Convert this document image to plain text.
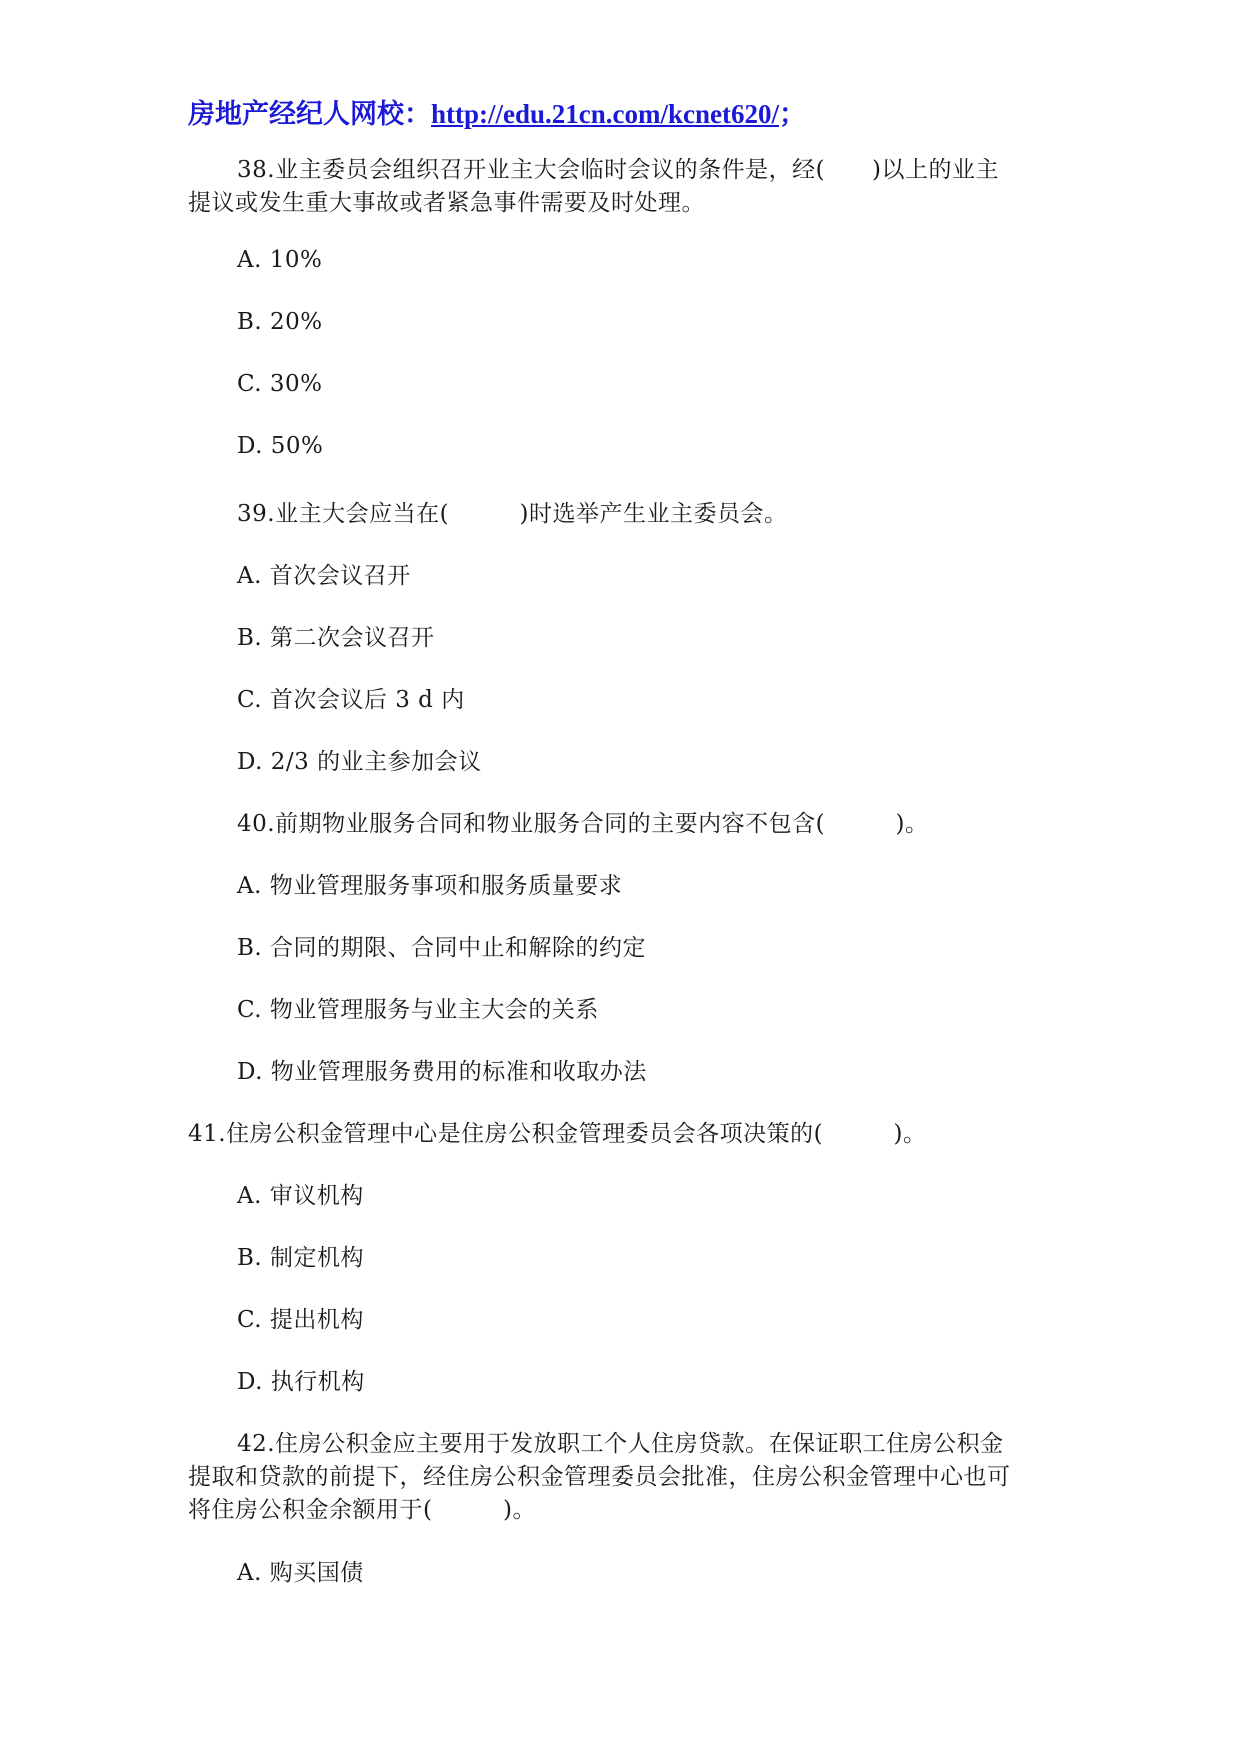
房地产经纪人网校：http://edu.21cn.com/kcnet620/；
38.业主委员会组织召开业主大会临时会议的条件是，经(　　)以上的业主
提议或发生重大事故或者紧急事件需要及时处理。
A. 10%
B. 20%
C. 30%
D. 50%
39.业主大会应当在(　　　)时选举产生业主委员会。
A. 首次会议召开
B. 第二次会议召开
C. 首次会议后 3 d 内
D. 2/3 的业主参加会议
40.前期物业服务合同和物业服务合同的主要内容不包含(　　　)。
A. 物业管理服务事项和服务质量要求
B. 合同的期限、合同中止和解除的约定
C. 物业管理服务与业主大会的关系
D. 物业管理服务费用的标准和收取办法
41.住房公积金管理中心是住房公积金管理委员会各项决策的(　　　)。
A. 审议机构
B. 制定机构
C. 提出机构
D. 执行机构
42.住房公积金应主要用于发放职工个人住房贷款。在保证职工住房公积金
提取和贷款的前提下，经住房公积金管理委员会批准，住房公积金管理中心也可
将住房公积金余额用于(　　　)。
A. 购买国债
